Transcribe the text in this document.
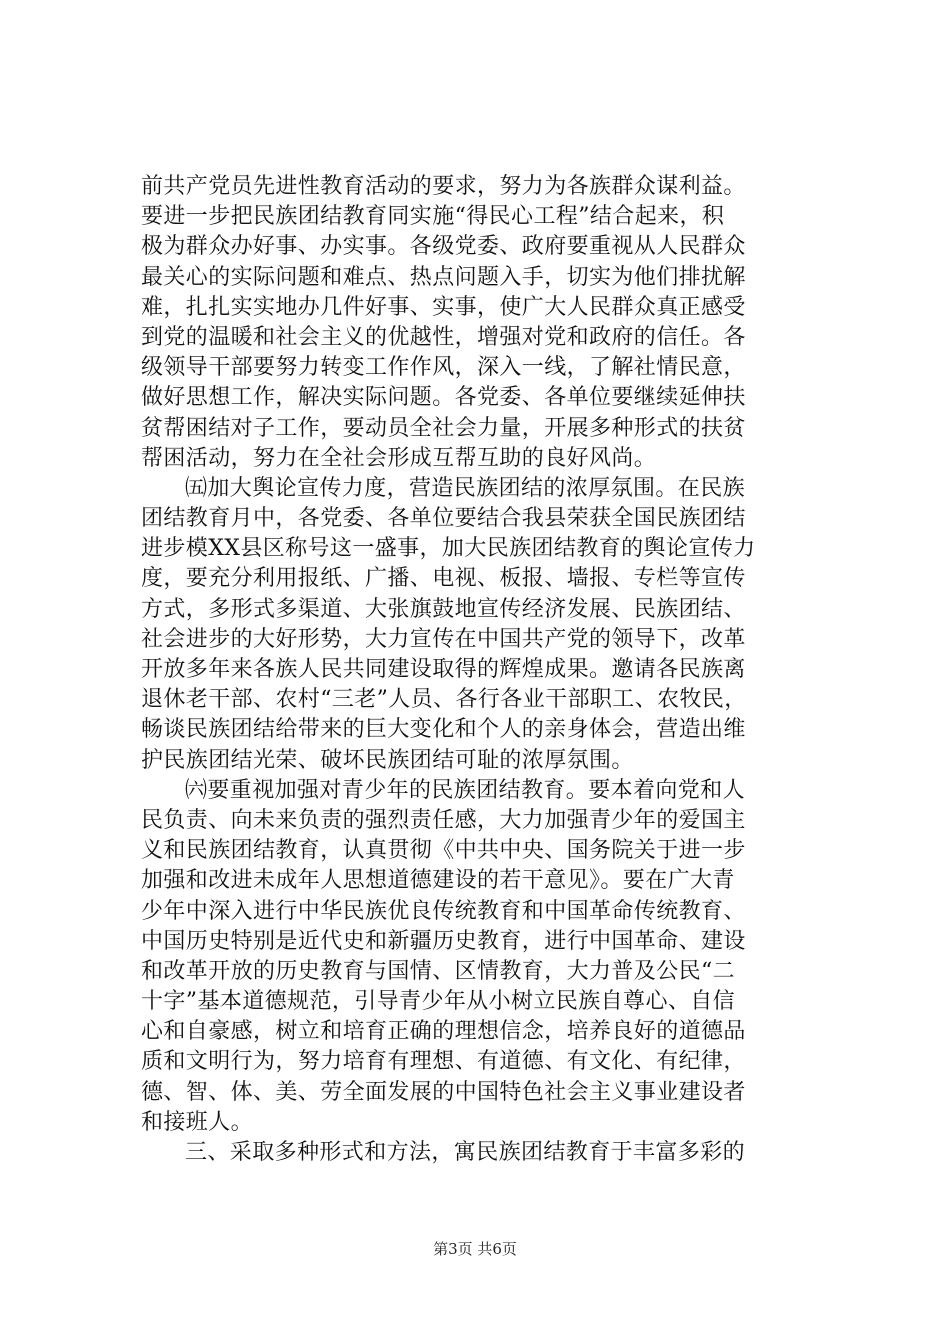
前共产党员先进性教育活动的要求，努力为各族群众谋利益。
要进一步把民族团结教育同实施“得民心工程”结合起来，积
极为群众办好事、办实事。各级党委、政府要重视从人民群众
最关心的实际问题和难点、热点问题入手，切实为他们排扰解
难，扎扎实实地办几件好事、实事，使广大人民群众真正感受
到党的温暖和社会主义的优越性，增强对党和政府的信任。各
级领导干部要努力转变工作作风，深入一线，了解社情民意，
做好思想工作，解决实际问题。各党委、各单位要继续延伸扶
贫帮困结对子工作，要动员全社会力量，开展多种形式的扶贫
帮困活动，努力在全社会形成互帮互助的良好风尚。
㈤加大舆论宣传力度，营造民族团结的浓厚氛围。在民族
团结教育月中，各党委、各单位要结合我县荣获全国民族团结
进步模XX县区称号这一盛事，加大民族团结教育的舆论宣传力
度，要充分利用报纸、广播、电视、板报、墙报、专栏等宣传
方式，多形式多渠道、大张旗鼓地宣传经济发展、民族团结、
社会进步的大好形势，大力宣传在中国共产党的领导下，改革
开放多年来各族人民共同建设取得的辉煌成果。邀请各民族离
退休老干部、农村“三老”人员、各行各业干部职工、农牧民，
畅谈民族团结给带来的巨大变化和个人的亲身体会，营造出维
护民族团结光荣、破坏民族团结可耻的浓厚氛围。
㈥要重视加强对青少年的民族团结教育。要本着向党和人
民负责、向未来负责的强烈责任感，大力加强青少年的爱国主
义和民族团结教育，认真贯彻《中共中央、国务院关于进一步
加强和改进未成年人思想道德建设的若干意见》。要在广大青
少年中深入进行中华民族优良传统教育和中国革命传统教育、
中国历史特别是近代史和新疆历史教育，进行中国革命、建设
和改革开放的历史教育与国情、区情教育，大力普及公民“二
十字”基本道德规范，引导青少年从小树立民族自尊心、自信
心和自豪感，树立和培育正确的理想信念，培养良好的道德品
质和文明行为，努力培育有理想、有道德、有文化、有纪律，
德、智、体、美、劳全面发展的中国特色社会主义事业建设者
和接班人。
三、采取多种形式和方法，寓民族团结教育于丰富多彩的
第3页 共6页
